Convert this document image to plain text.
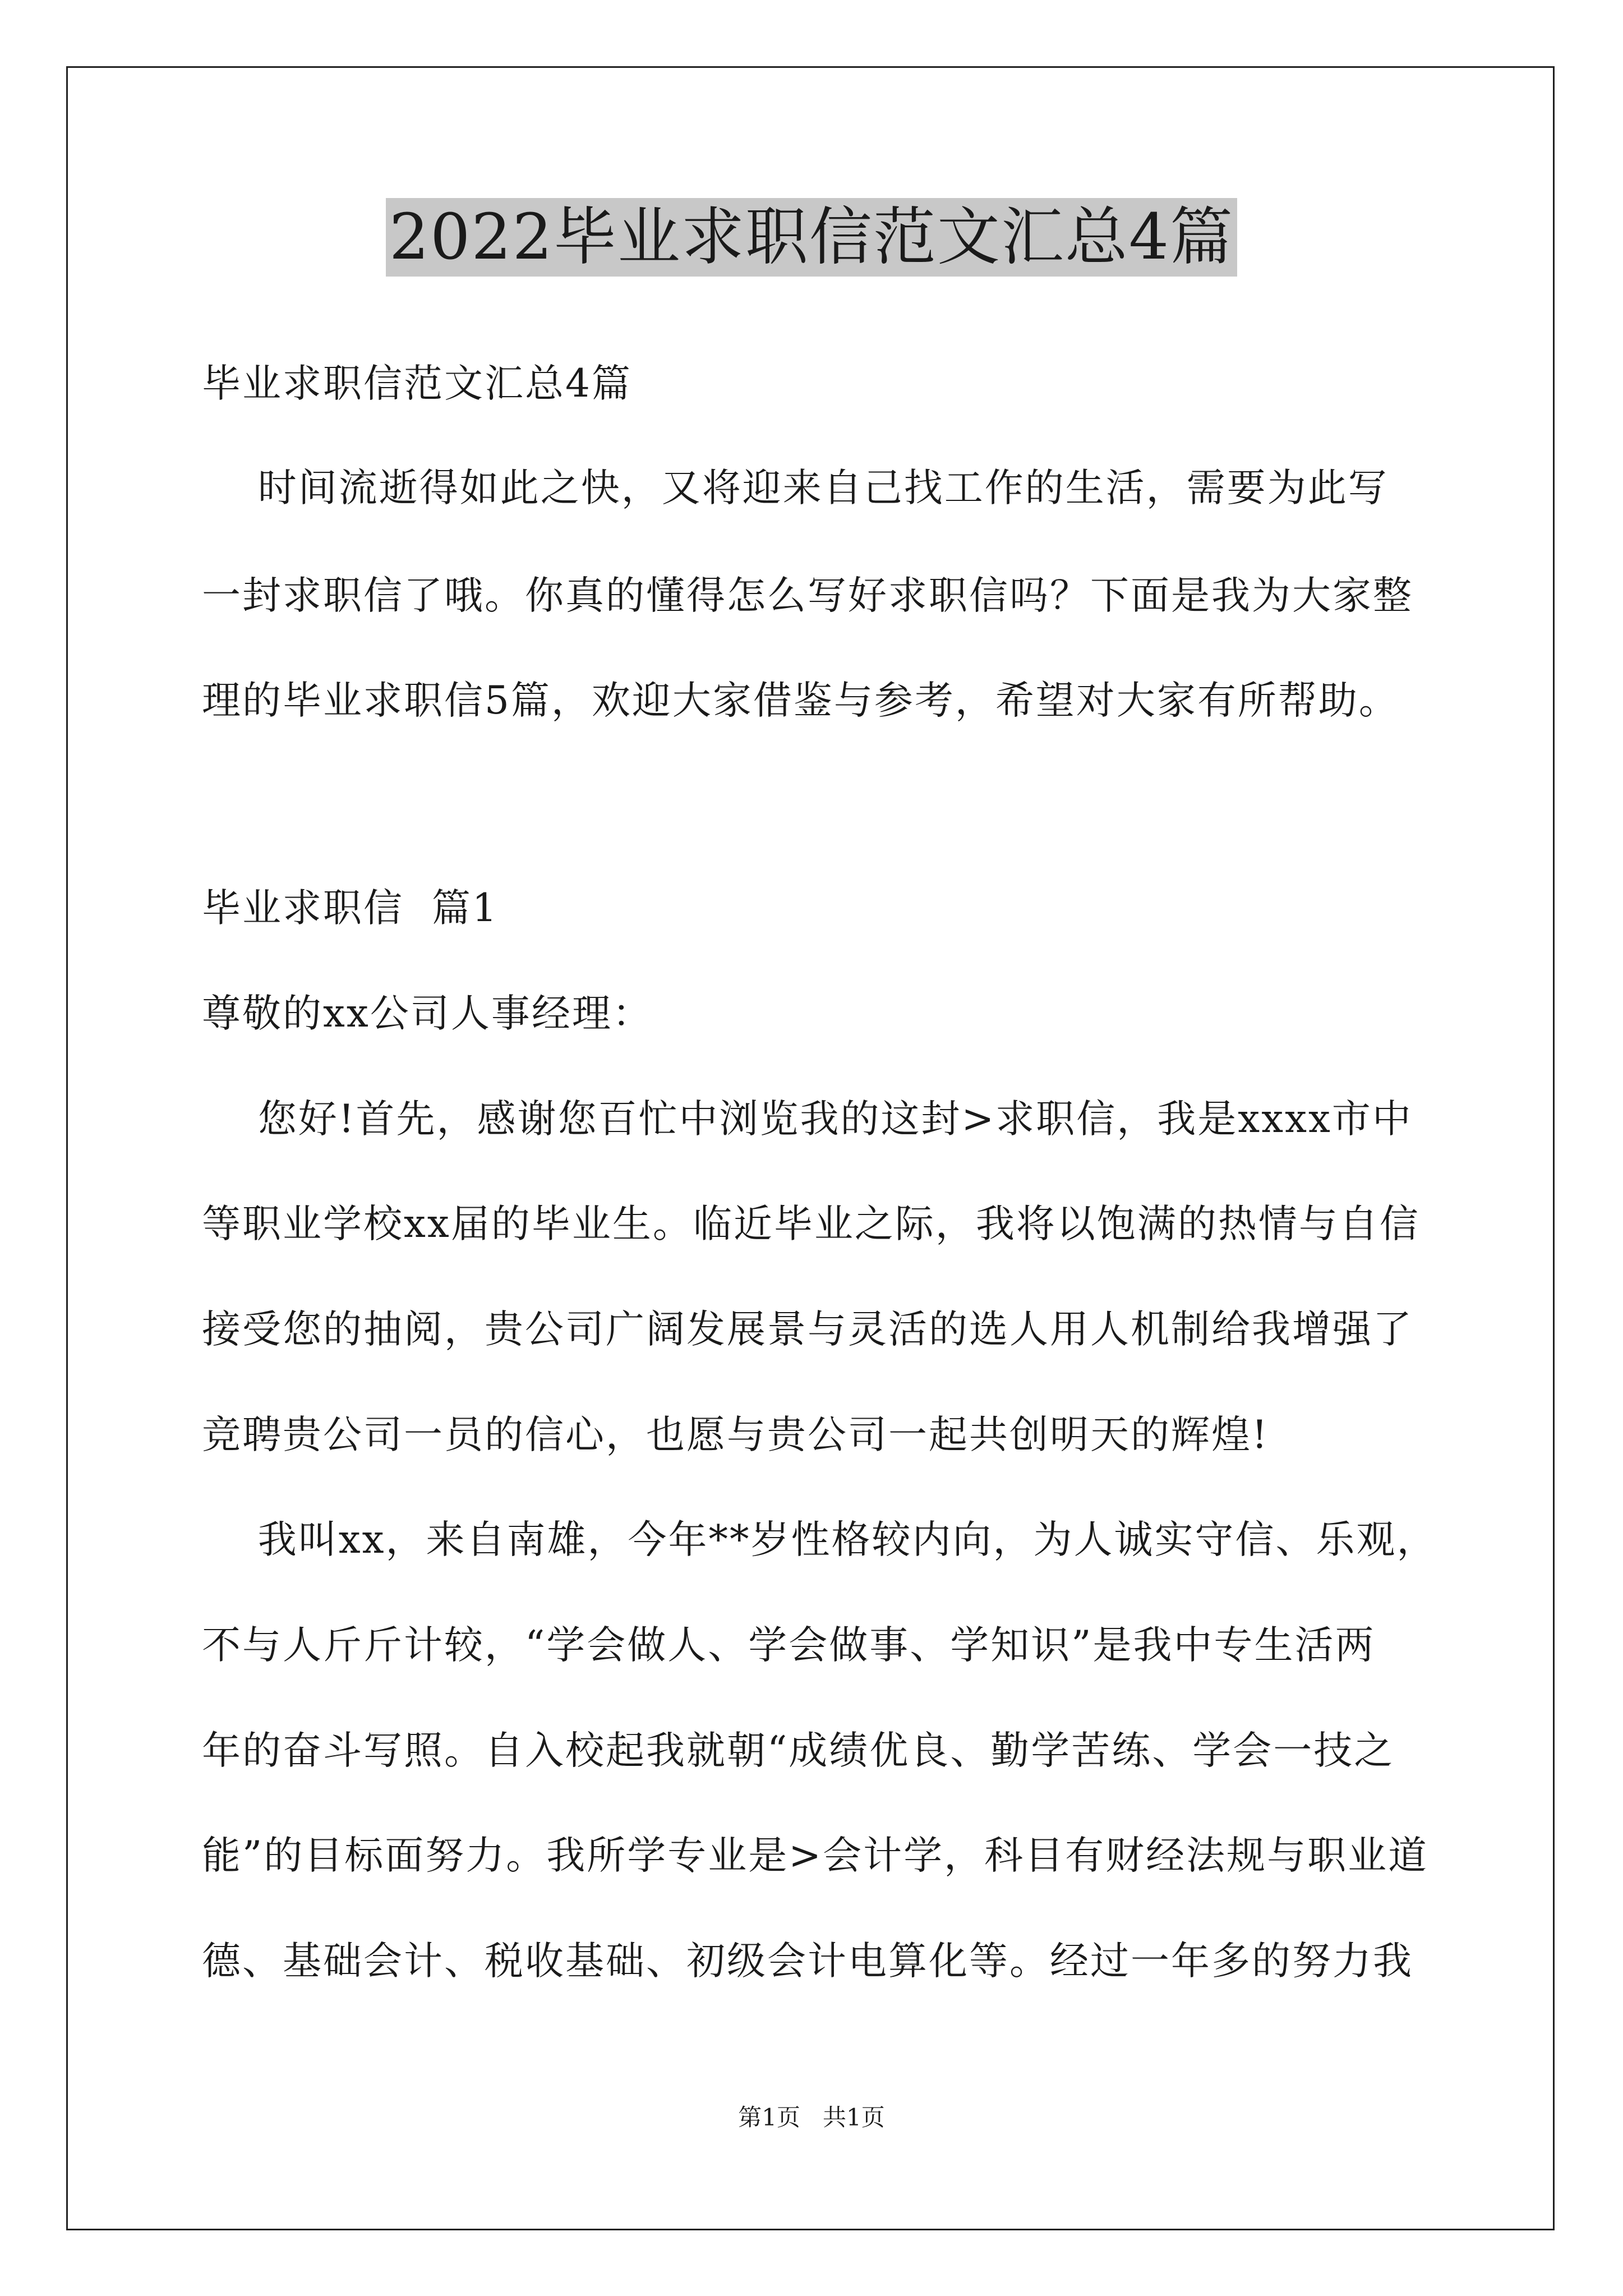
2022毕业求职信范文汇总4篇
毕业求职信范文汇总4篇
时间流逝得如此之快，又将迎来自己找工作的生活，需要为此写
一封求职信了哦。你真的懂得怎么写好求职信吗？下面是我为大家整
理的毕业求职信5篇，欢迎大家借鉴与参考，希望对大家有所帮助。
毕业求职信  篇1
尊敬的xx公司人事经理：
您好!首先，感谢您百忙中浏览我的这封>求职信，我是xxxx市中
等职业学校xx届的毕业生。临近毕业之际，我将以饱满的热情与自信
接受您的抽阅，贵公司广阔发展景与灵活的选人用人机制给我增强了
竞聘贵公司一员的信心，也愿与贵公司一起共创明天的辉煌!
我叫xx，来自南雄，今年**岁性格较内向，为人诚实守信、乐观，
不与人斤斤计较，“学会做人、学会做事、学知识”是我中专生活两
年的奋斗写照。自入校起我就朝“成绩优良、勤学苦练、学会一技之
能”的目标面努力。我所学专业是>会计学，科目有财经法规与职业道
德、基础会计、税收基础、初级会计电算化等。经过一年多的努力我
第1页   共1页
